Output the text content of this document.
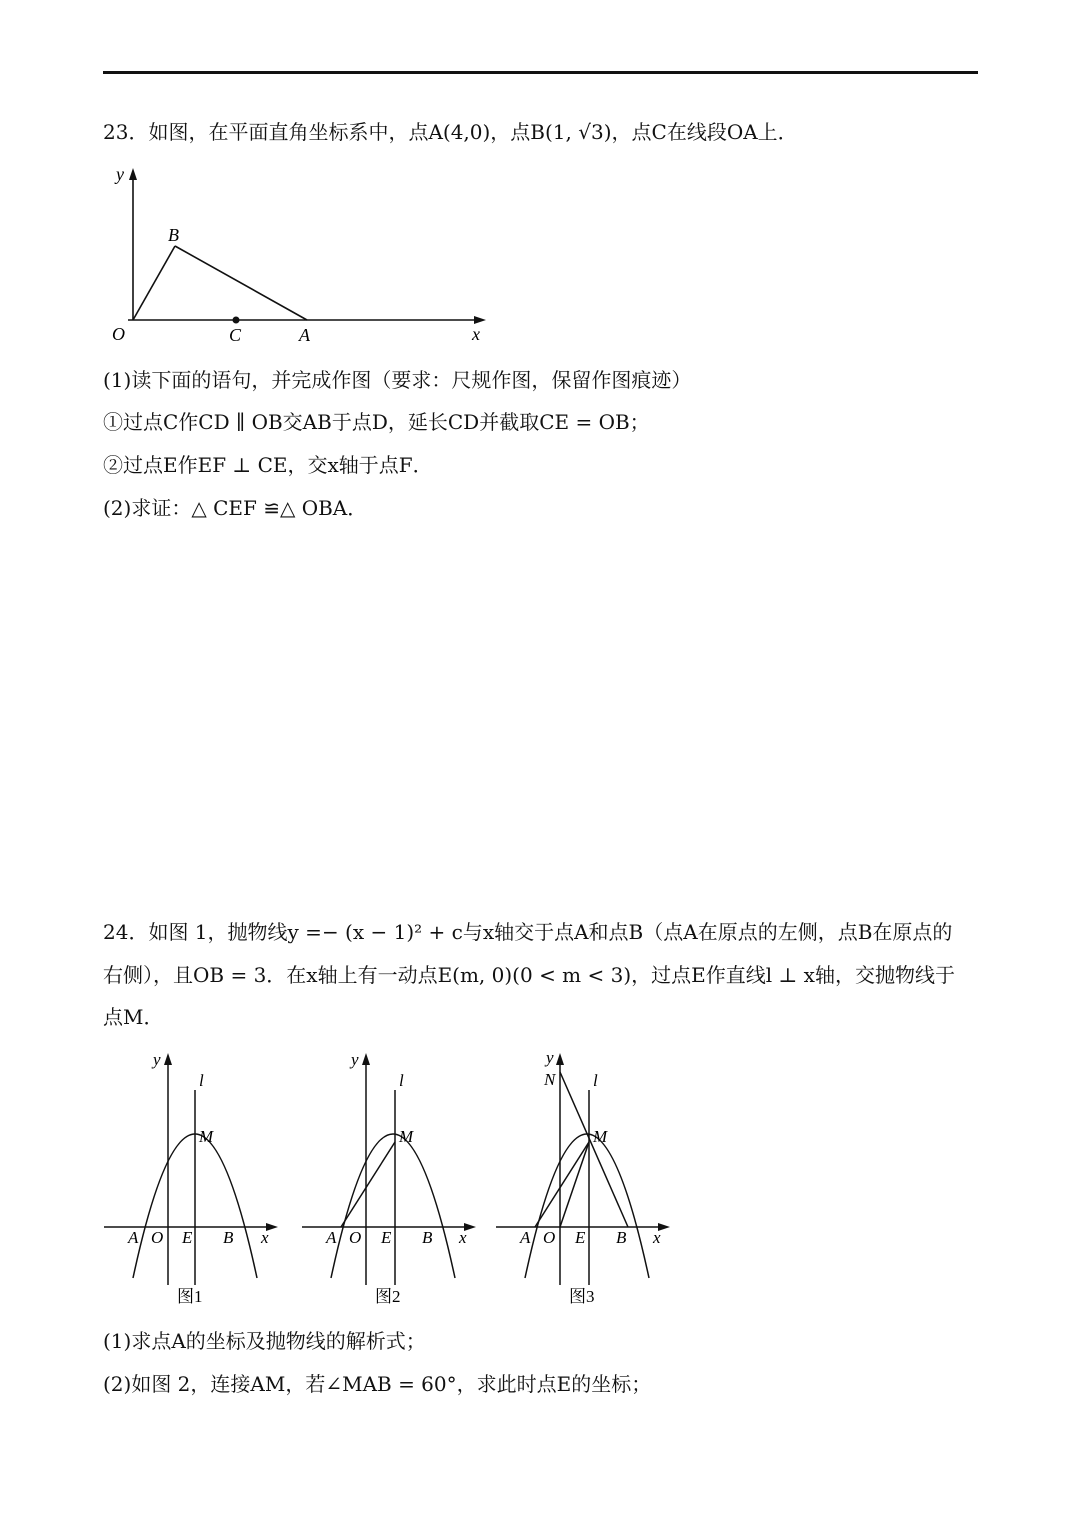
23．如图，在平面直角坐标系中，点A(4,0)，点B(1, √3)，点C在线段OA上．
y
x
O
B
C	A
(1)读下面的语句，并完成作图（要求：尺规作图，保留作图痕迹）
①过点C作CD ∥ OB交AB于点D，延长CD并截取CE = OB；
②过点E作EF ⊥ CE，交x轴于点F．
(2)求证：△ CEF ≌△ OBA．
24．如图 1，抛物线y =− (x − 1)² + c与x轴交于点A和点B（点A在原点的左侧，点B在原点的
右侧），且OB = 3．在x轴上有一动点E(m, 0)(0 < m < 3)，过点E作直线l ⊥ x轴，交抛物线于
点M．
y
l
M
A O E B x
图1
y
l
M
A O E B x
图2
y
N l
M
A O E B x
图3
(1)求点A的坐标及抛物线的解析式；
(2)如图 2，连接AM，若∠MAB = 60°，求此时点E的坐标；
